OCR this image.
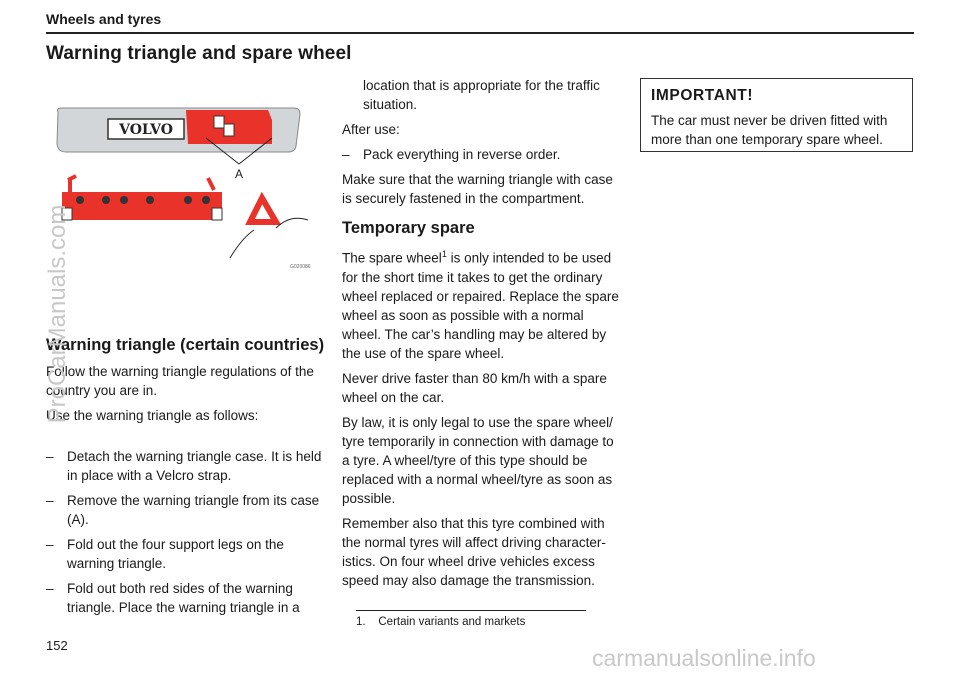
Wheels and tyres
Warning triangle and spare wheel
VOLVO
A
G020086
Warning triangle (certain countries)

Follow the warning triangle regulations of the country you are in.

Use the warning triangle as follows:

– Detach the warning triangle case. It is held in place with a Velcro strap.

– Remove the warning triangle from its case (A).

– Fold out the four support legs on the warning triangle.

– Fold out both red sides of the warning triangle. Place the warning triangle in a

location that is appropriate for the traffic situation.

After use:

– Pack everything in reverse order.

Make sure that the warning triangle with case is securely fastened in the compartment.

Temporary spare

The spare wheel$^1$ is only intended to be used for the short time it takes to get the ordinary wheel replaced or repaired. Replace the spare wheel as soon as possible with a normal wheel. The car’s handling may be altered by the use of the spare wheel.

Never drive faster than 80 km/h with a spare wheel on the car.

By law, it is only legal to use the spare wheel/ tyre temporarily in connection with damage to a tyre. A wheel/tyre of this type should be replaced with a normal wheel/tyre as soon as possible.

Remember also that this tyre combined with the normal tyres will affect driving character- istics. On four wheel drive vehicles excess speed may also damage the transmission.

IMPORTANT!

The car must never be driven fitted with more than one temporary spare wheel.

1. Certain variants and markets
152
ProCarManuals.com
carmanualsonline.info
